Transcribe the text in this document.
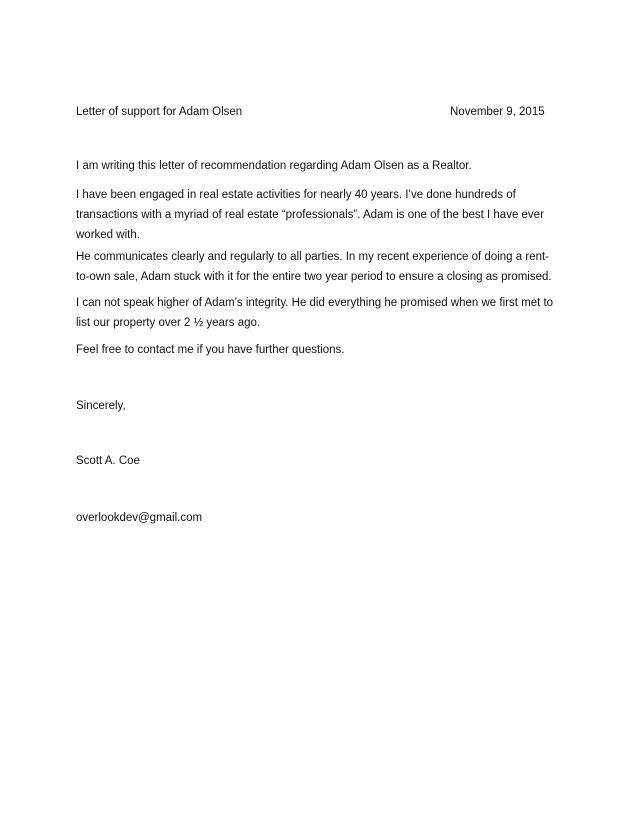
Letter of support for Adam Olsen	November 9, 2015

I am writing this letter of recommendation regarding Adam Olsen as a Realtor.

I have been engaged in real estate activities for nearly 40 years. I’ve done hundreds of
transactions with a myriad of real estate “professionals”. Adam is one of the best I have ever
worked with.

He communicates clearly and regularly to all parties. In my recent experience of doing a rent-
to-own sale, Adam stuck with it for the entire two year period to ensure a closing as promised.

I can not speak higher of Adam’s integrity. He did everything he promised when we first met to
list our property over 2 ½ years ago.

Feel free to contact me if you have further questions.

Sincerely,

Scott A. Coe

overlookdev@gmail.com
